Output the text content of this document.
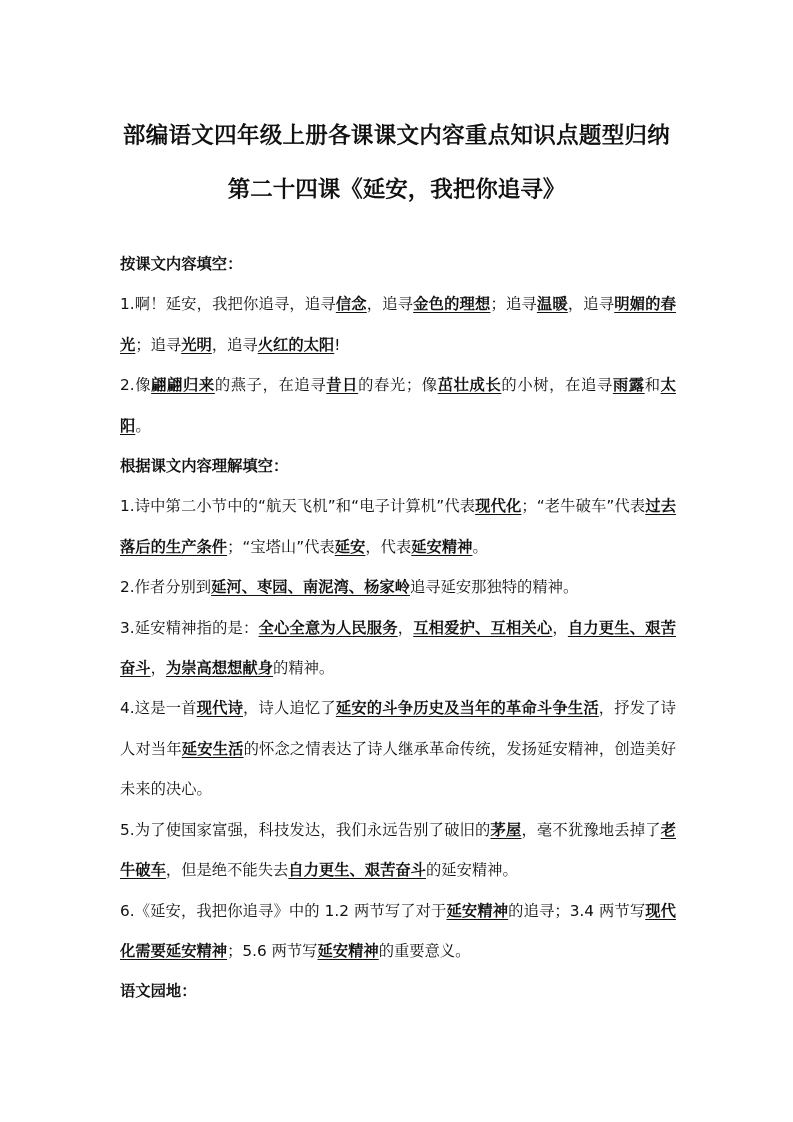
部编语文四年级上册各课课文内容重点知识点题型归纳
第二十四课《延安，我把你追寻》

按课文内容填空：

1.啊！延安，我把你追寻，追寻信念，追寻金色的理想；追寻温暖，追寻明媚的春光；追寻光明，追寻火红的太阳!

2.像翩翩归来的燕子，在追寻昔日的春光；像茁壮成长的小树，在追寻雨露和太阳。

根据课文内容理解填空：

1.诗中第二小节中的“航天飞机”和“电子计算机”代表现代化；“老牛破车”代表过去落后的生产条件；“宝塔山”代表延安，代表延安精神。

2.作者分别到延河、枣园、南泥湾、杨家岭追寻延安那独特的精神。

3.延安精神指的是：全心全意为人民服务，互相爱护、互相关心，自力更生、艰苦奋斗，为崇高想想献身的精神。

4.这是一首现代诗，诗人追忆了延安的斗争历史及当年的革命斗争生活，抒发了诗人对当年延安生活的怀念之情表达了诗人继承革命传统，发扬延安精神，创造美好未来的决心。

5.为了使国家富强，科技发达，我们永远告别了破旧的茅屋，毫不犹豫地丢掉了老牛破车，但是绝不能失去自力更生、艰苦奋斗的延安精神。

6.《延安，我把你追寻》中的 1.2 两节写了对于延安精神的追寻；3.4 两节写现代化需要延安精神；5.6 两节写延安精神的重要意义。

语文园地：
